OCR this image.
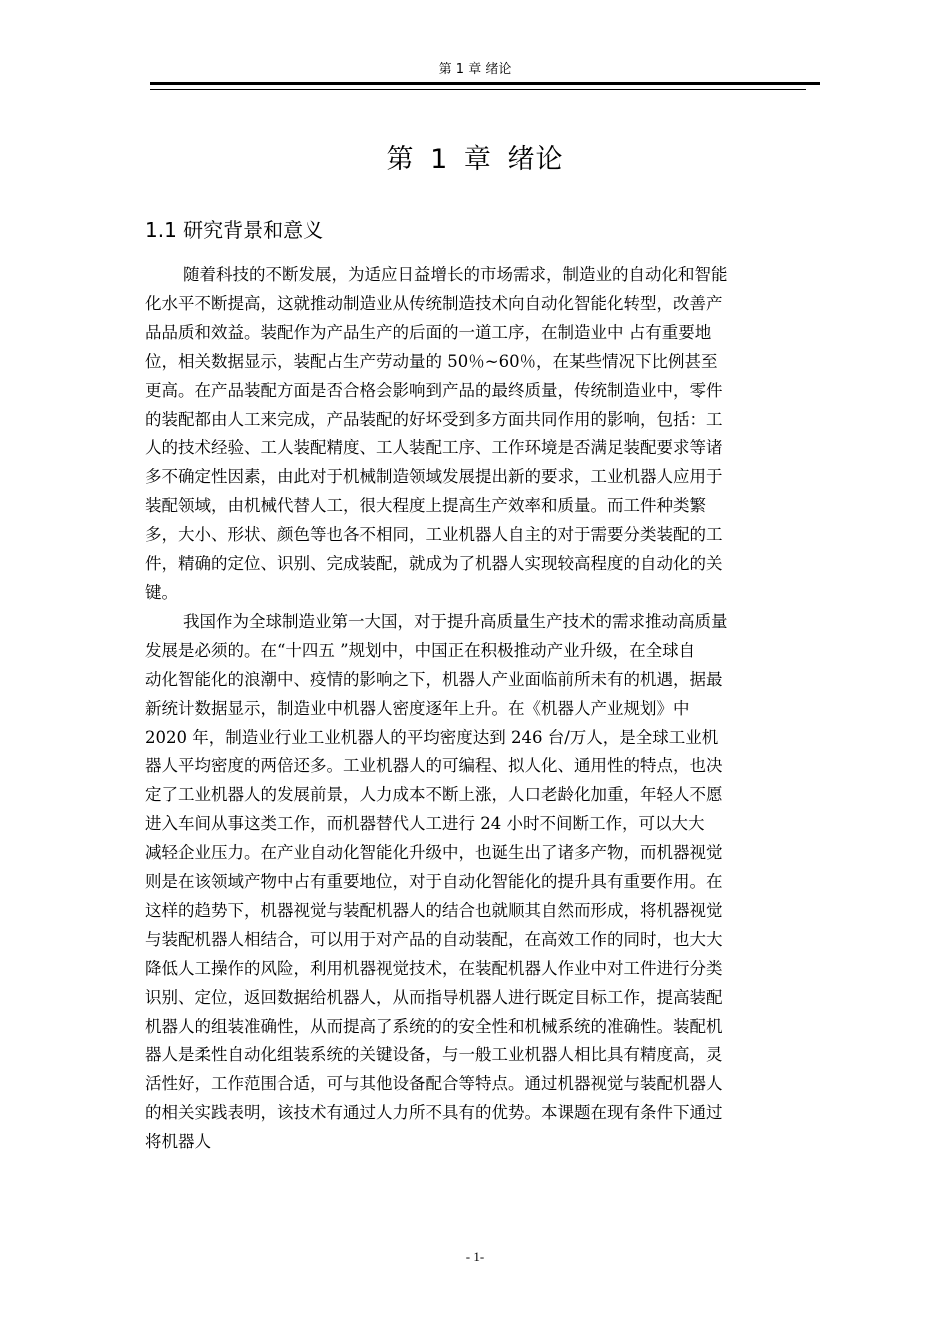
第 1 章 绪论
第 1 章 绪论
1.1 研究背景和意义

随着科技的不断发展，为适应日益增长的市场需求，制造业的自动化和智能
化水平不断提高，这就推动制造业从传统制造技术向自动化智能化转型，改善产
品品质和效益。装配作为产品生产的后面的一道工序，在制造业中 占有重要地
位，相关数据显示，装配占生产劳动量的 50％~60％，在某些情况下比例甚至
更高。在产品装配方面是否合格会影响到产品的最终质量，传统制造业中，零件
的装配都由人工来完成，产品装配的好坏受到多方面共同作用的影响，包括：工
人的技术经验、工人装配精度、工人装配工序、工作环境是否满足装配要求等诸
多不确定性因素，由此对于机械制造领域发展提出新的要求，工业机器人应用于
装配领域，由机械代替人工，很大程度上提高生产效率和质量。而工件种类繁
多，大小、形状、颜色等也各不相同，工业机器人自主的对于需要分类装配的工
件，精确的定位、识别、完成装配，就成为了机器人实现较高程度的自动化的关
键。

我国作为全球制造业第一大国，对于提升高质量生产技术的需求推动高质量
发展是必须的。在“十四五 ”规划中，中国正在积极推动产业升级，在全球自
动化智能化的浪潮中、疫情的影响之下，机器人产业面临前所未有的机遇，据最
新统计数据显示，制造业中机器人密度逐年上升。在《机器人产业规划》中
2020 年，制造业行业工业机器人的平均密度达到 246 台/万人，是全球工业机
器人平均密度的两倍还多。工业机器人的可编程、拟人化、通用性的特点，也决
定了工业机器人的发展前景，人力成本不断上涨，人口老龄化加重，年轻人不愿
进入车间从事这类工作，而机器替代人工进行 24 小时不间断工作，可以大大
减轻企业压力。在产业自动化智能化升级中，也诞生出了诸多产物，而机器视觉
则是在该领域产物中占有重要地位，对于自动化智能化的提升具有重要作用。在
这样的趋势下，机器视觉与装配机器人的结合也就顺其自然而形成，将机器视觉
与装配机器人相结合，可以用于对产品的自动装配，在高效工作的同时，也大大
降低人工操作的风险，利用机器视觉技术，在装配机器人作业中对工件进行分类
识别、定位，返回数据给机器人，从而指导机器人进行既定目标工作，提高装配
机器人的组装准确性，从而提高了系统的的安全性和机械系统的准确性。装配机
器人是柔性自动化组装系统的关键设备，与一般工业机器人相比具有精度高，灵
活性好，工作范围合适，可与其他设备配合等特点。通过机器视觉与装配机器人
的相关实践表明，该技术有通过人力所不具有的优势。本课题在现有条件下通过
将机器人

- 1-
